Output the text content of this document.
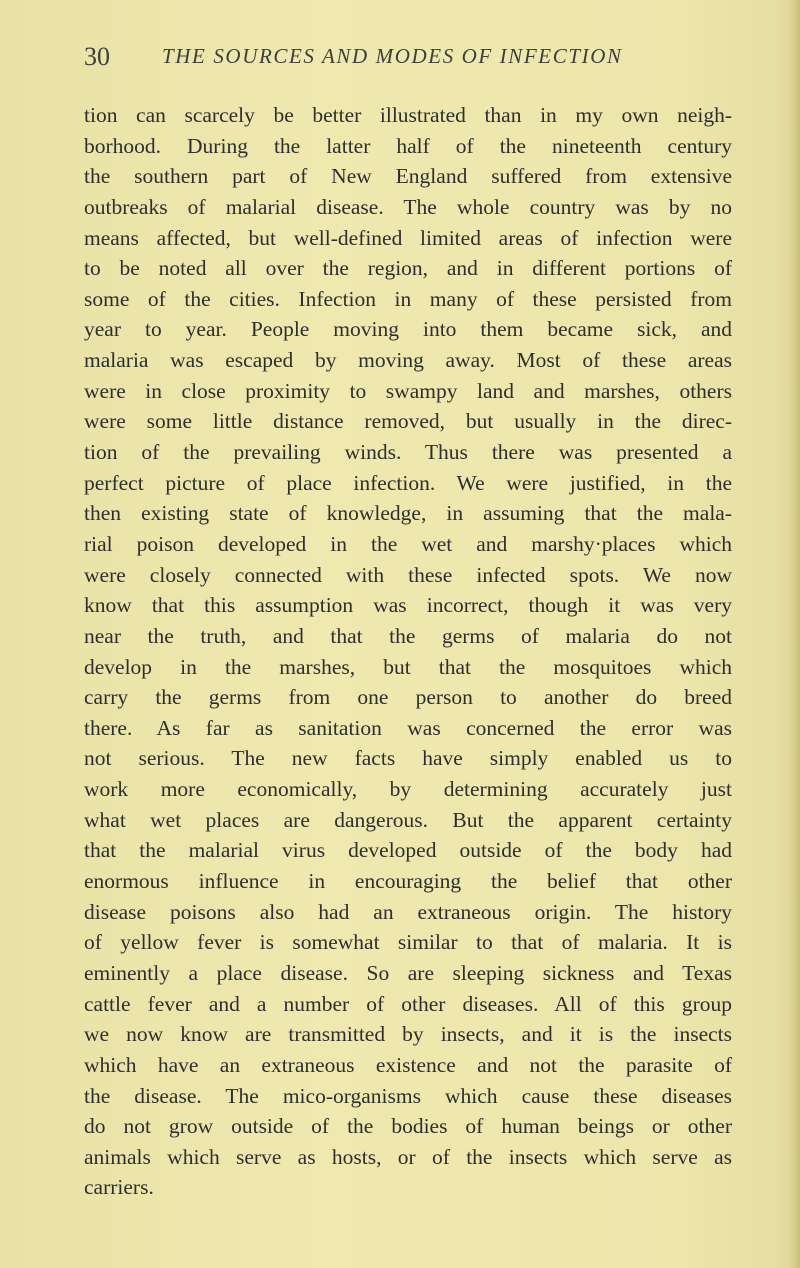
30 THE SOURCES AND MODES OF INFECTION
tion can scarcely be better illustrated than in my own neigh-
borhood. During the latter half of the nineteenth century
the southern part of New England suffered from extensive
outbreaks of malarial disease. The whole country was by no
means affected, but well-defined limited areas of infection were
to be noted all over the region, and in different portions of
some of the cities. Infection in many of these persisted from
year to year. People moving into them became sick, and
malaria was escaped by moving away. Most of these areas
were in close proximity to swampy land and marshes, others
were some little distance removed, but usually in the direc-
tion of the prevailing winds. Thus there was presented a
perfect picture of place infection. We were justified, in the
then existing state of knowledge, in assuming that the mala-
rial poison developed in the wet and marshy·places which
were closely connected with these infected spots. We now
know that this assumption was incorrect, though it was very
near the truth, and that the germs of malaria do not
develop in the marshes, but that the mosquitoes which
carry the germs from one person to another do breed
there. As far as sanitation was concerned the error was
not serious. The new facts have simply enabled us to
work more economically, by determining accurately just
what wet places are dangerous. But the apparent certainty
that the malarial virus developed outside of the body had
enormous influence in encouraging the belief that other
disease poisons also had an extraneous origin. The history
of yellow fever is somewhat similar to that of malaria. It is
eminently a place disease. So are sleeping sickness and Texas
cattle fever and a number of other diseases. All of this group
we now know are transmitted by insects, and it is the insects
which have an extraneous existence and not the parasite of
the disease. The mico-organisms which cause these diseases
do not grow outside of the bodies of human beings or other
animals which serve as hosts, or of the insects which serve as
carriers.
